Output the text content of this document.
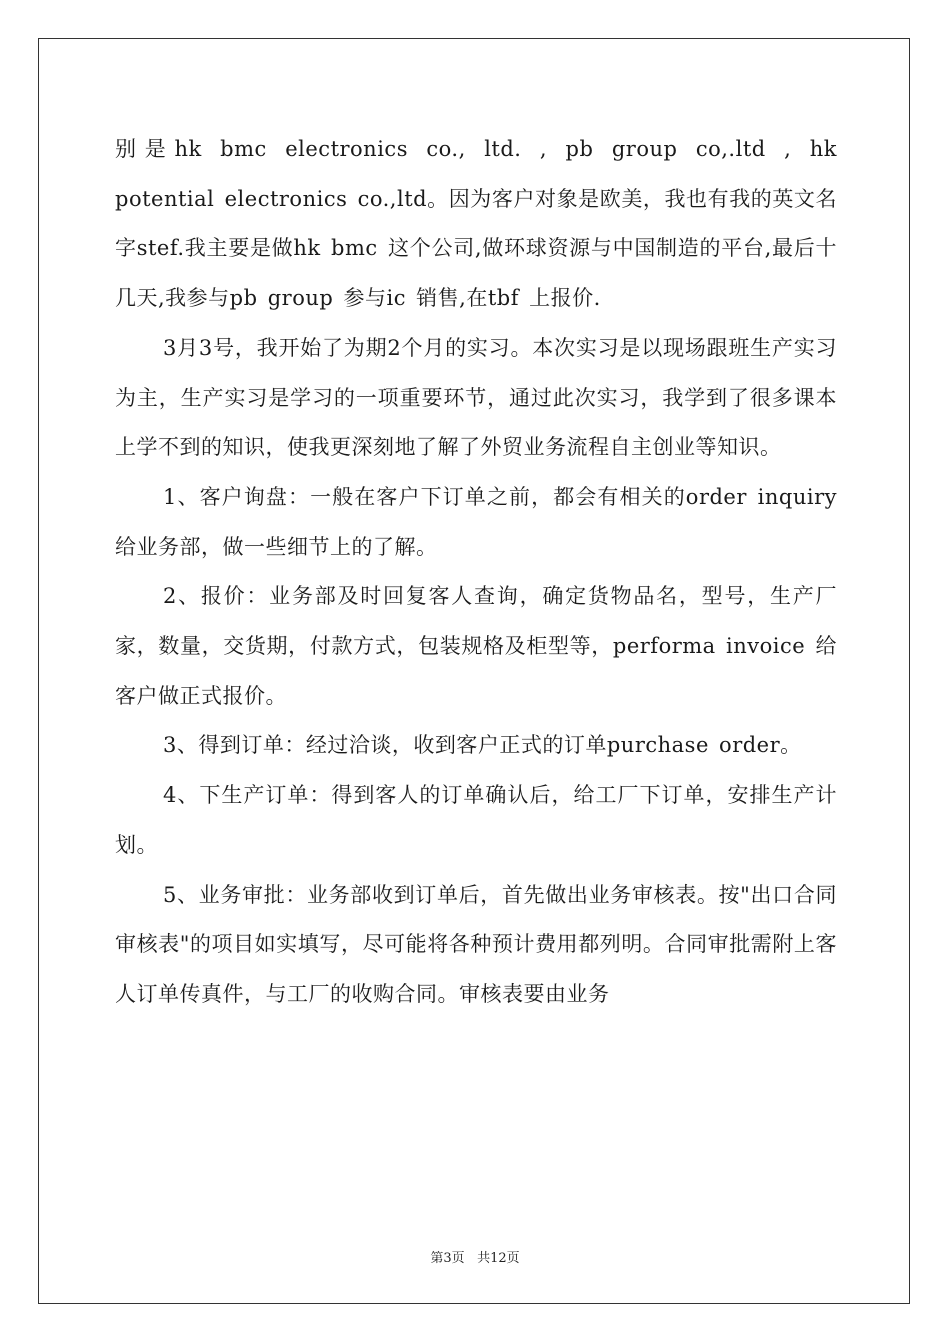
别是hk bmc electronics co., ltd. , pb group co,.ltd , hk potential electronics co.,ltd。因为客户对象是欧美，我也有我的英文名字stef.我主要是做hk bmc 这个公司,做环球资源与中国制造的平台,最后十几天,我参与pb group 参与ic 销售,在tbf 上报价.

3月3号，我开始了为期2个月的实习。本次实习是以现场跟班生产实习为主，生产实习是学习的一项重要环节，通过此次实习，我学到了很多课本上学不到的知识，使我更深刻地了解了外贸业务流程自主创业等知识。

1、客户询盘：一般在客户下订单之前，都会有相关的order inquiry给业务部，做一些细节上的了解。

2、报价：业务部及时回复客人查询，确定货物品名，型号，生产厂家，数量，交货期，付款方式，包装规格及柜型等，performa invoice 给客户做正式报价。

3、得到订单：经过洽谈，收到客户正式的订单purchase order。

4、下生产订单：得到客人的订单确认后，给工厂下订单，安排生产计划。

5、业务审批：业务部收到订单后，首先做出业务审核表。按"出口合同审核表"的项目如实填写，尽可能将各种预计费用都列明。合同审批需附上客人订单传真件，与工厂的收购合同。审核表要由业务

第3页 共12页
